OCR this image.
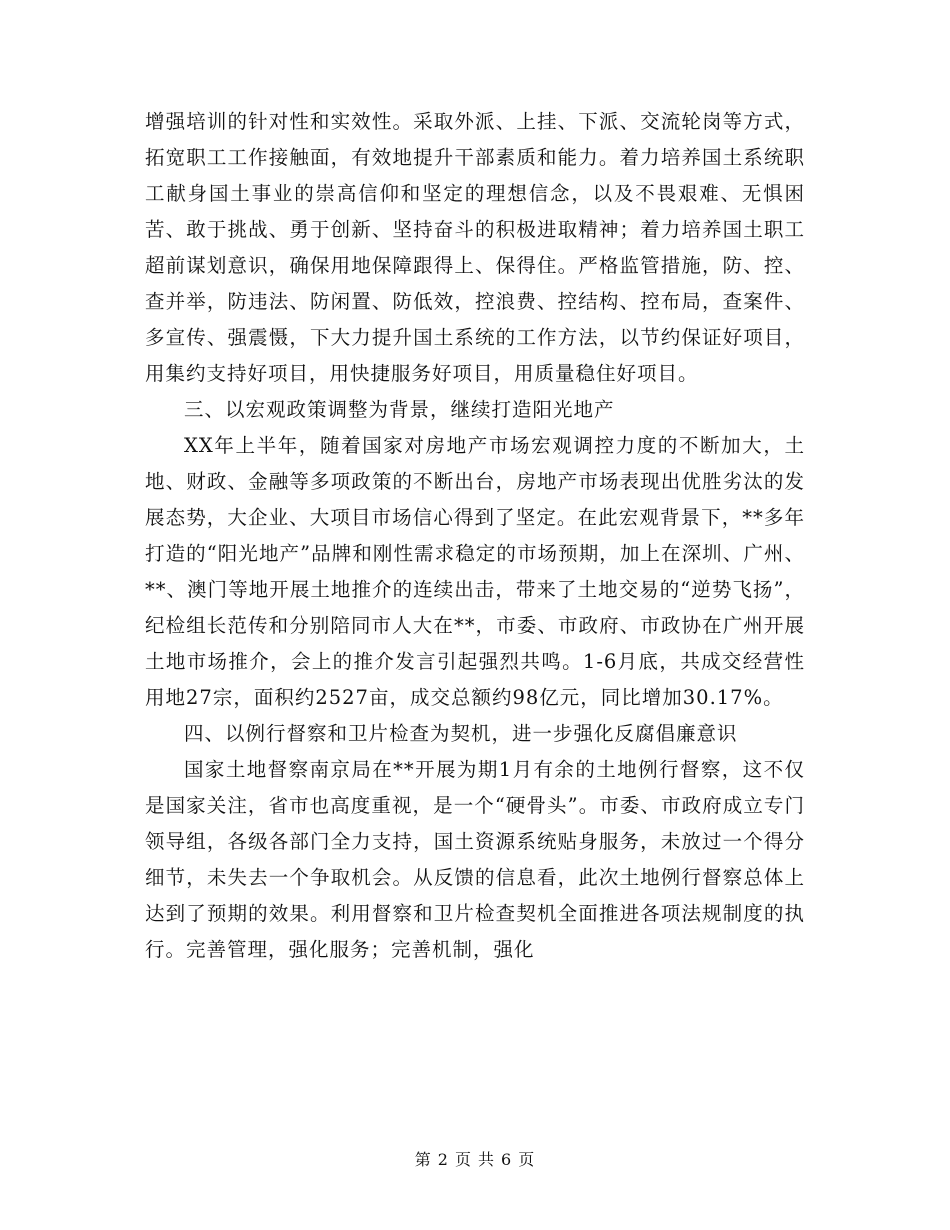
增强培训的针对性和实效性。采取外派、上挂、下派、交流轮岗等方式，拓宽职工工作接触面，有效地提升干部素质和能力。着力培养国土系统职工献身国土事业的崇高信仰和坚定的理想信念，以及不畏艰难、无惧困苦、敢于挑战、勇于创新、坚持奋斗的积极进取精神；着力培养国土职工超前谋划意识，确保用地保障跟得上、保得住。严格监管措施，防、控、查并举，防违法、防闲置、防低效，控浪费、控结构、控布局，查案件、多宣传、强震慑，下大力提升国土系统的工作方法，以节约保证好项目，用集约支持好项目，用快捷服务好项目，用质量稳住好项目。

三、以宏观政策调整为背景，继续打造阳光地产

XX年上半年，随着国家对房地产市场宏观调控力度的不断加大，土地、财政、金融等多项政策的不断出台，房地产市场表现出优胜劣汰的发展态势，大企业、大项目市场信心得到了坚定。在此宏观背景下，**多年打造的“阳光地产”品牌和刚性需求稳定的市场预期，加上在深圳、广州、**、澳门等地开展土地推介的连续出击，带来了土地交易的“逆势飞扬”，纪检组长范传和分别陪同市人大在**，市委、市政府、市政协在广州开展土地市场推介，会上的推介发言引起强烈共鸣。1-6月底，共成交经营性用地27宗，面积约2527亩，成交总额约98亿元，同比增加30.17%。

四、以例行督察和卫片检查为契机，进一步强化反腐倡廉意识

国家土地督察南京局在**开展为期1月有余的土地例行督察，这不仅是国家关注，省市也高度重视，是一个“硬骨头”。市委、市政府成立专门领导组，各级各部门全力支持，国土资源系统贴身服务，未放过一个得分细节，未失去一个争取机会。从反馈的信息看，此次土地例行督察总体上达到了预期的效果。利用督察和卫片检查契机全面推进各项法规制度的执行。完善管理，强化服务；完善机制，强化

第 2 页 共 6 页
